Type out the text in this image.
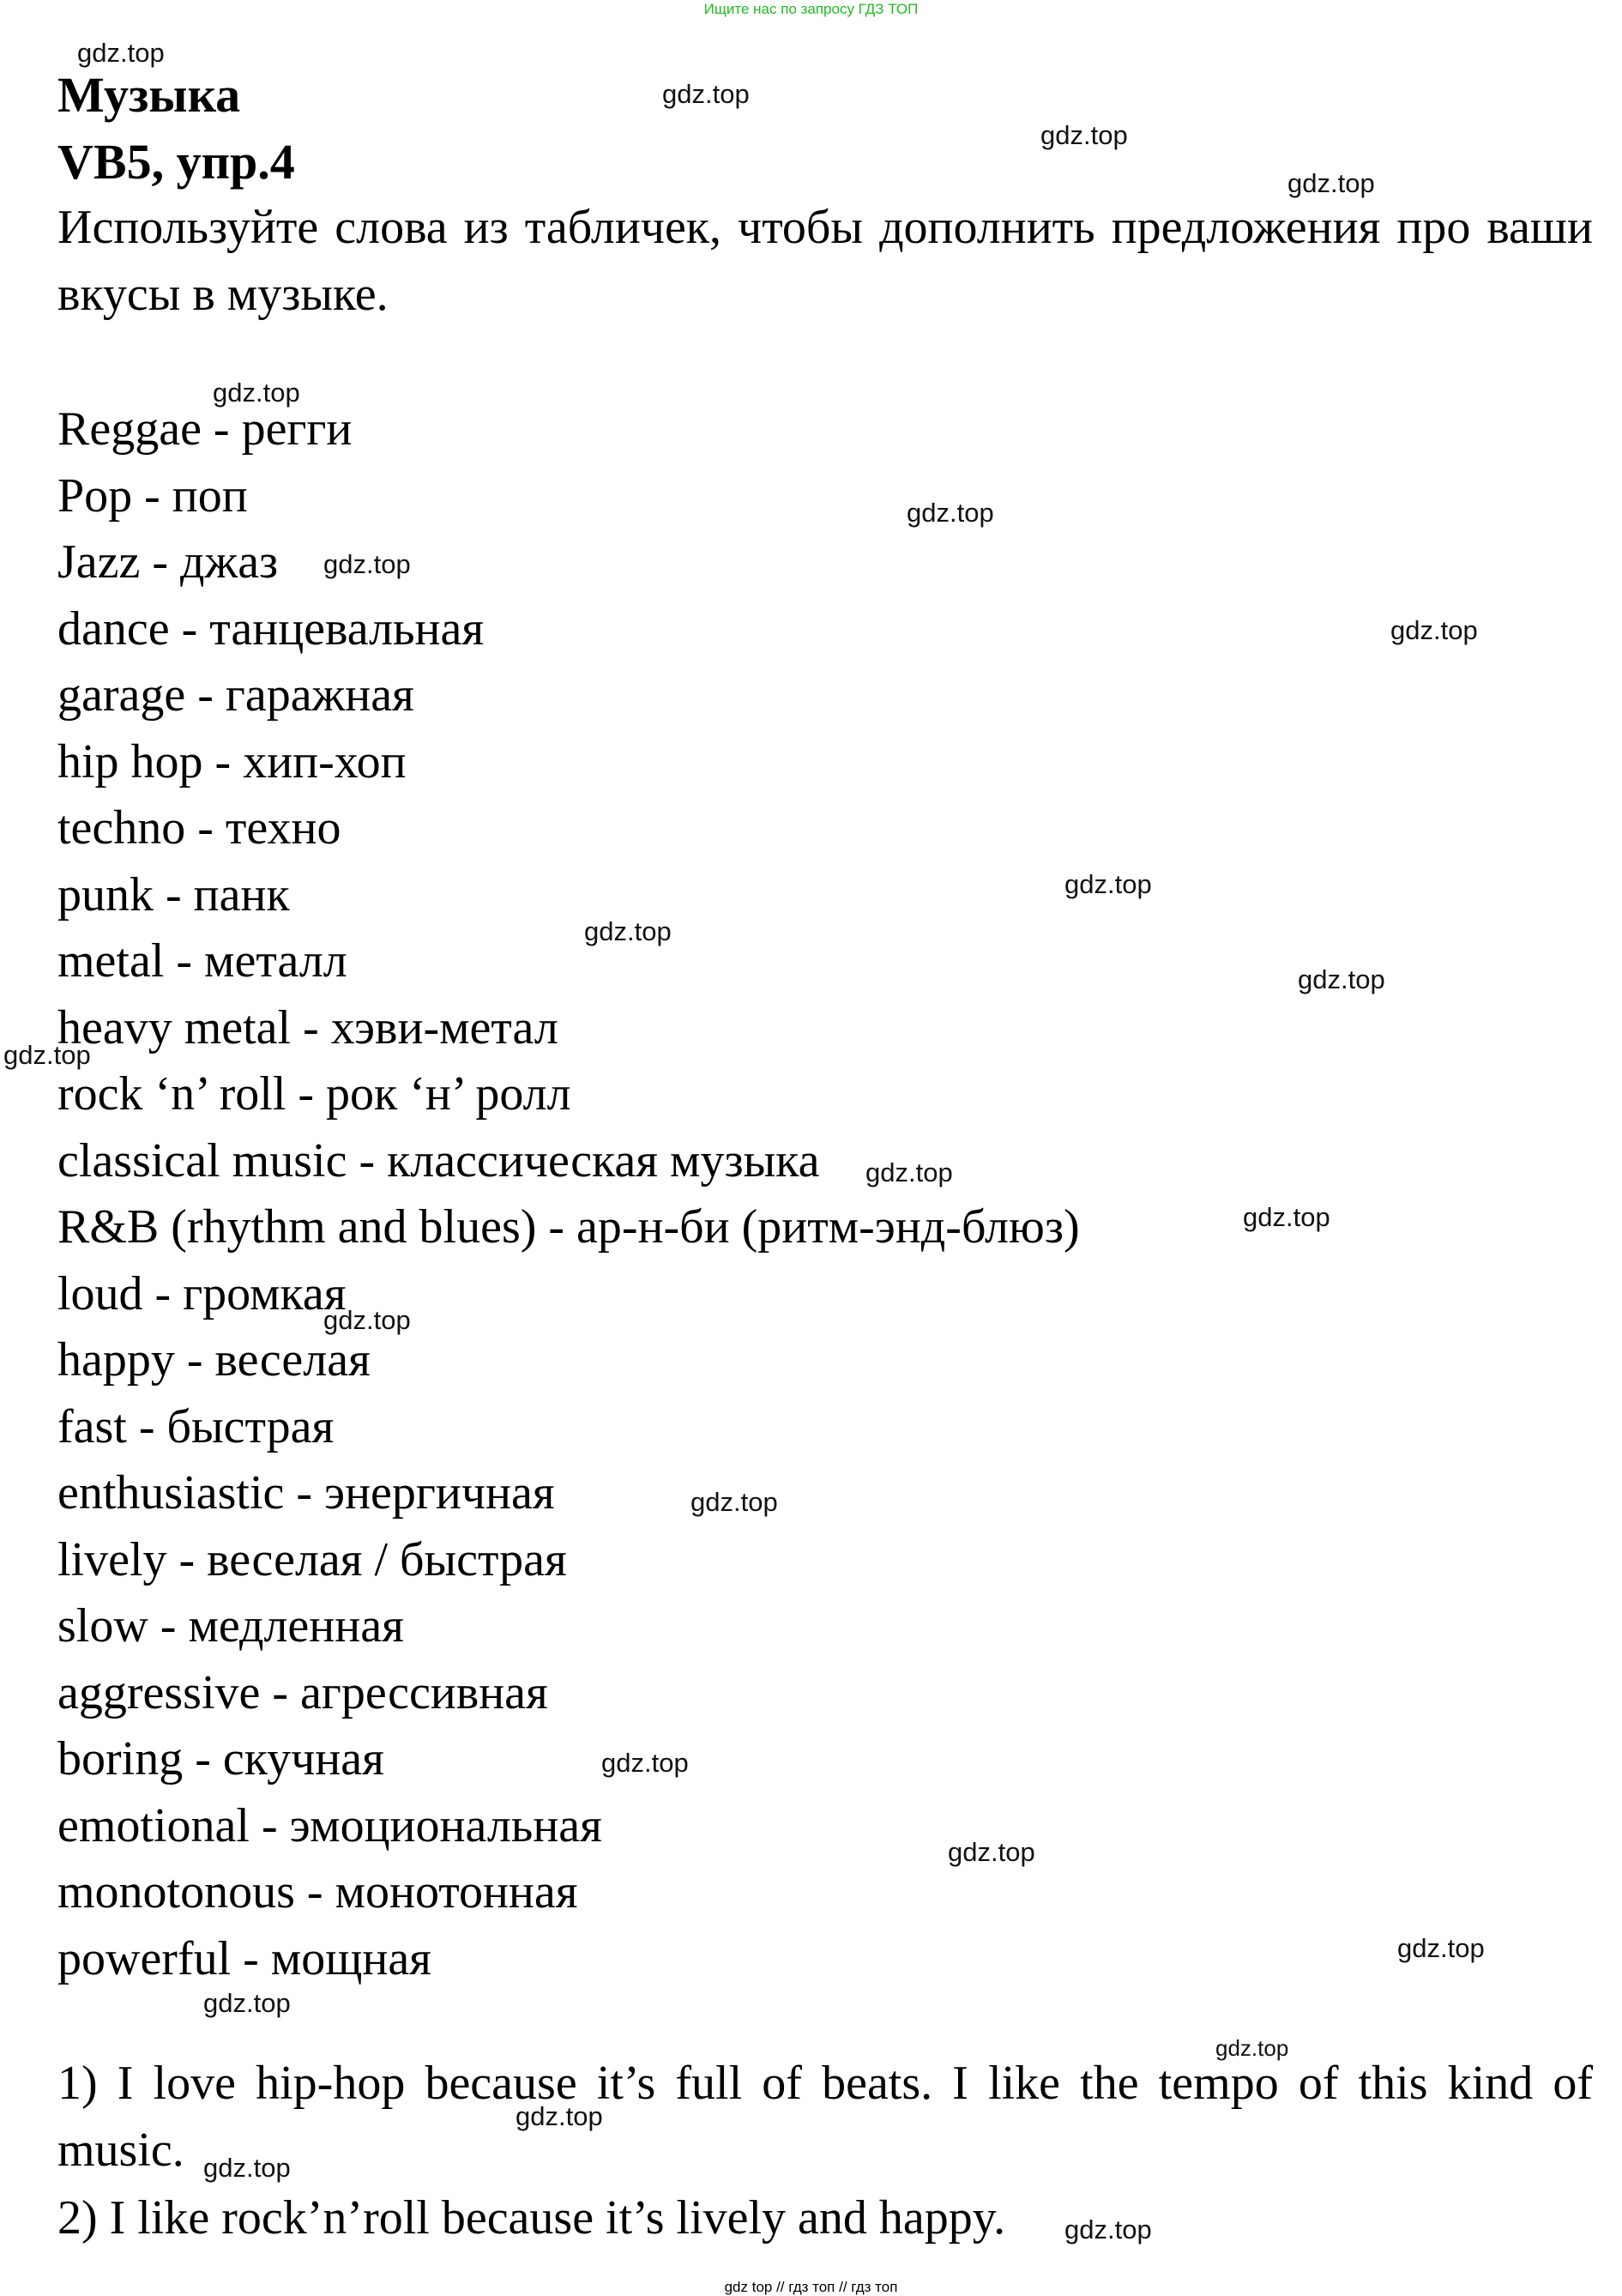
Ищите нас по запросу ГДЗ ТОП
Музыка
VB5, упр.4
Используйте слова из табличек, чтобы дополнить предложения про ваши вкусы в музыке.
Reggae - регги
Pop - поп
Jazz - джаз
dance - танцевальная
garage - гаражная
hip hop - хип-хоп
techno - техно
punk - панк
metal - металл
heavy metal - хэви-метал
rock ‘n’ roll - рок ‘н’ ролл
classical music - классическая музыка
R&B (rhythm and blues) - ар-н-би (ритм-энд-блюз)
loud - громкая
happy - веселая
fast - быстрая
enthusiastic - энергичная
lively - веселая / быстрая
slow - медленная
aggressive - агрессивная
boring - скучная
emotional - эмоциональная
monotonous - монотонная
powerful - мощная
1) I love hip-hop because it’s full of beats. I like the tempo of this kind of music.
2) I like rock’n’roll because it’s lively and happy.
gdz.top
gdz.top
gdz.top
gdz.top
gdz.top
gdz.top
gdz.top
gdz.top
gdz.top
gdz.top
gdz.top
gdz.top
gdz.top
gdz.top
gdz.top
gdz.top
gdz.top
gdz.top
gdz.top
gdz.top
gdz.top
gdz.top
gdz.top
gdz.top
gdz top // гдз топ // гдз топ
